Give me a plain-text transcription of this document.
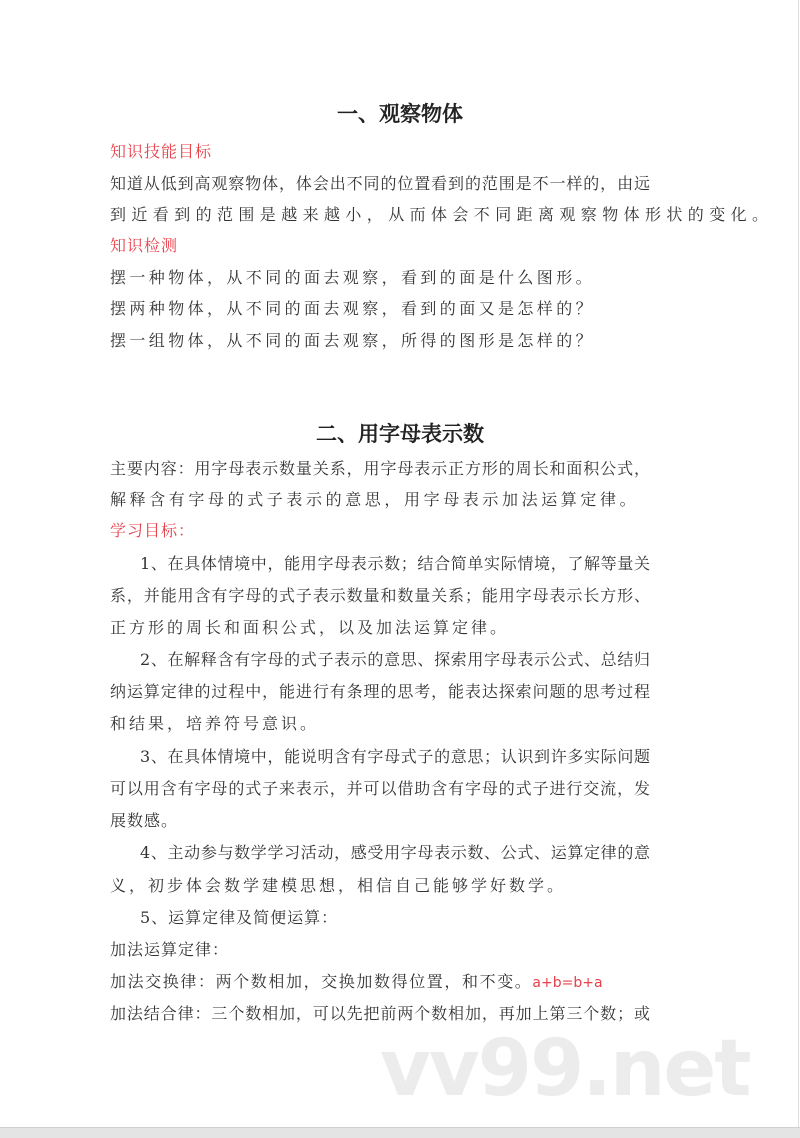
一、观察物体
知识技能目标
知道从低到高观察物体，体会出不同的位置看到的范围是不一样的，由远
到近看到的范围是越来越小，从而体会不同距离观察物体形状的变化。
知识检测
摆一种物体，从不同的面去观察，看到的面是什么图形。
摆两种物体，从不同的面去观察，看到的面又是怎样的？
摆一组物体，从不同的面去观察，所得的图形是怎样的？
二、用字母表示数
主要内容：用字母表示数量关系，用字母表示正方形的周长和面积公式，
解释含有字母的式子表示的意思，用字母表示加法运算定律。
学习目标：
1、在具体情境中，能用字母表示数；结合简单实际情境，了解等量关
系，并能用含有字母的式子表示数量和数量关系；能用字母表示长方形、
正方形的周长和面积公式，以及加法运算定律。
2、在解释含有字母的式子表示的意思、探索用字母表示公式、总结归
纳运算定律的过程中，能进行有条理的思考，能表达探索问题的思考过程
和结果，培养符号意识。
3、在具体情境中，能说明含有字母式子的意思；认识到许多实际问题
可以用含有字母的式子来表示，并可以借助含有字母的式子进行交流，发
展数感。
4、主动参与数学学习活动，感受用字母表示数、公式、运算定律的意
义，初步体会数学建模思想，相信自己能够学好数学。
5、运算定律及简便运算：
加法运算定律：
加法交换律：两个数相加，交换加数得位置，和不变。a+b=b+a
加法结合律：三个数相加，可以先把前两个数相加，再加上第三个数；或
vv99.net
